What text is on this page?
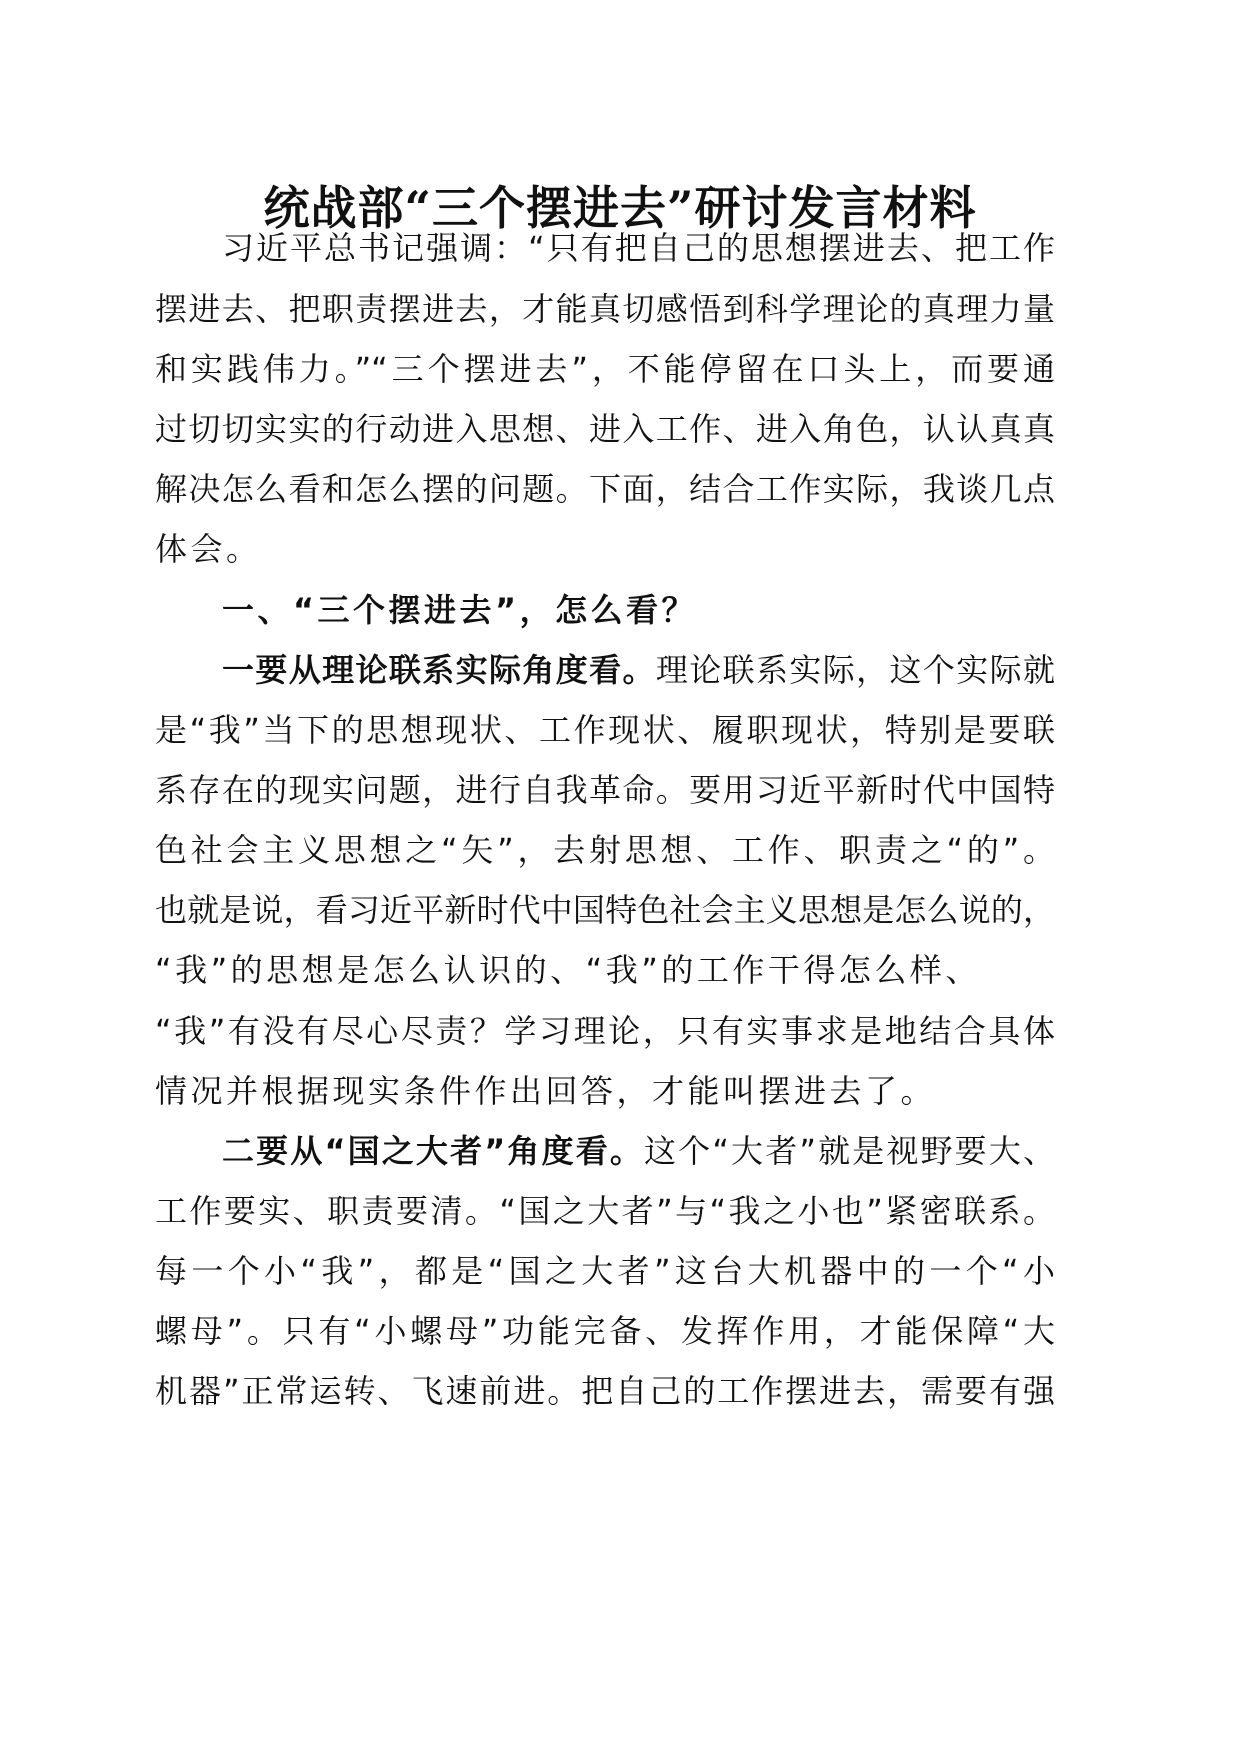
统战部“三个摆进去”研讨发言材料
习近平总书记强调：“只有把自己的思想摆进去、把工作
摆进去、把职责摆进去，才能真切感悟到科学理论的真理力量
和实践伟力。”“三个摆进去”，不能停留在口头上，而要通
过切切实实的行动进入思想、进入工作、进入角色，认认真真
解决怎么看和怎么摆的问题。下面，结合工作实际，我谈几点
体会。
一、“三个摆进去”，怎么看？
一要从理论联系实际角度看。理论联系实际，这个实际就
是“我”当下的思想现状、工作现状、履职现状，特别是要联
系存在的现实问题，进行自我革命。要用习近平新时代中国特
色社会主义思想之“矢”，去射思想、工作、职责之“的”。
也就是说，看习近平新时代中国特色社会主义思想是怎么说的，
“我”的思想是怎么认识的、“我”的工作干得怎么样、
“我”有没有尽心尽责？学习理论，只有实事求是地结合具体
情况并根据现实条件作出回答，才能叫摆进去了。
二要从“国之大者”角度看。这个“大者”就是视野要大、
工作要实、职责要清。“国之大者”与“我之小也”紧密联系。
每一个小“我”，都是“国之大者”这台大机器中的一个“小
螺母”。只有“小螺母”功能完备、发挥作用，才能保障“大
机器”正常运转、飞速前进。把自己的工作摆进去，需要有强
